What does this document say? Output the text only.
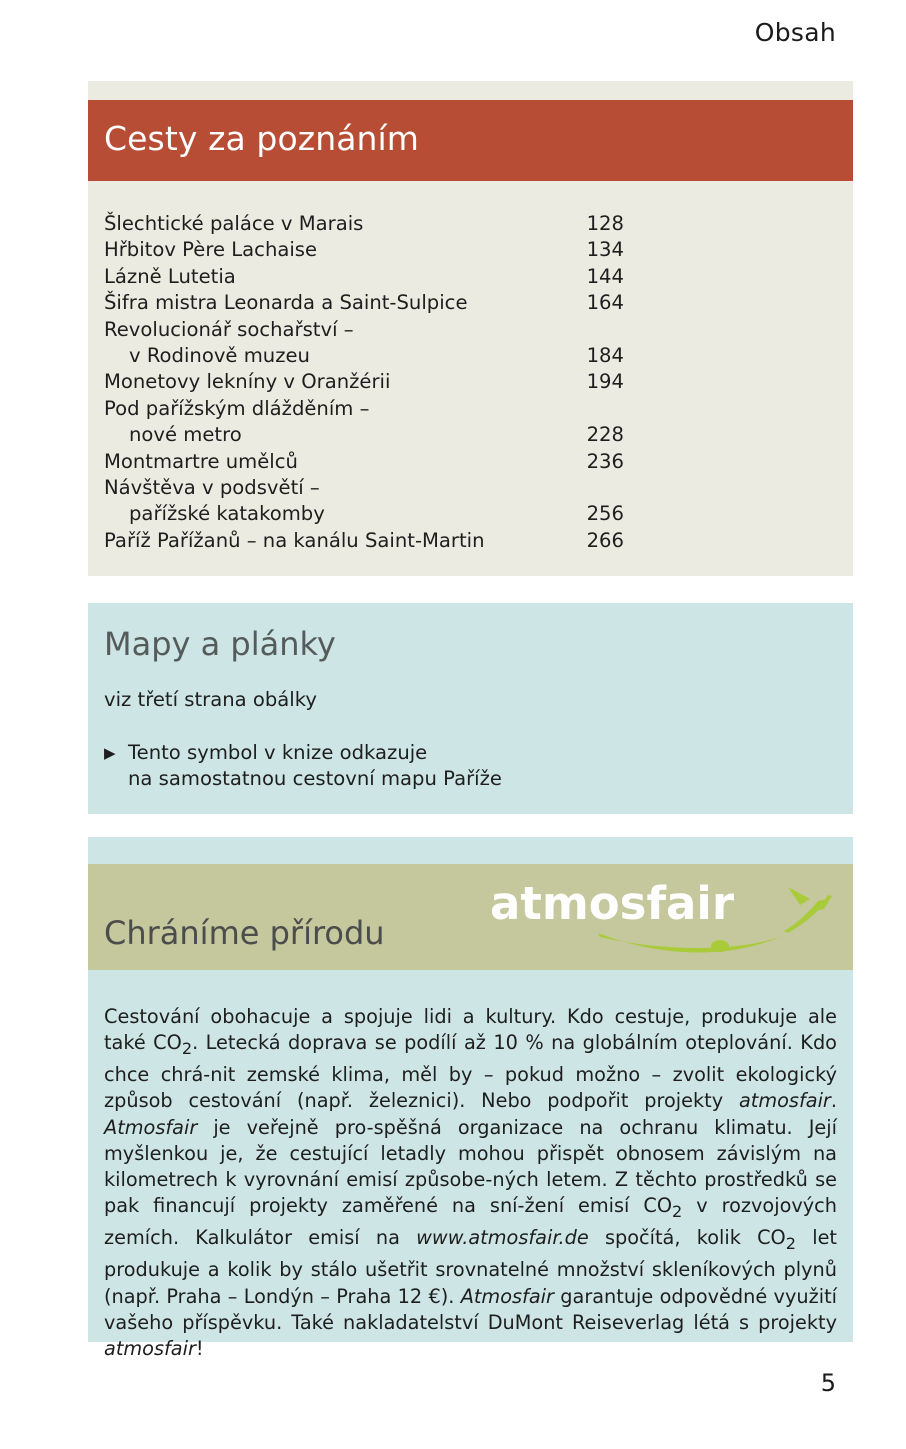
Obsah
Cesty za poznáním
Šlechtické paláce v Marais	128
Hřbitov Père Lachaise	134
Lázně Lutetia	144
Šifra mistra Leonarda a Saint-Sulpice	164
Revolucionář sochařství –
v Rodinově muzeu	184
Monetovy lekníny v Oranžérii	194
Pod pařížským dlážděním –
nové metro	228
Montmartre umělců	236
Návštěva v podsvětí –
pařížské katakomby	256
Paříž Pařížanů – na kanálu Saint-Martin	266
Mapy a plánky
viz třetí strana obálky
▶ Tento symbol v knize odkazuje
na samostatnou cestovní mapu Paříže
atmosfair
Chráníme přírodu

Cestování obohacuje a spojuje lidi a kultury. Kdo cestuje, produkuje ale také $CO_2$. Letecká doprava se podílí až 10 % na globálním oteplování. Kdo chce chrá-nit zemské klima, měl by – pokud možno – zvolit ekologický způsob cestování (např. železnici). Nebo podpořit projekty atmosfair. Atmosfair je veřejně pro-spěšná organizace na ochranu klimatu. Její myšlenkou je, že cestující letadly mohou přispět obnosem závislým na kilometrech k vyrovnání emisí způsobe-ných letem. Z těchto prostředků se pak financují projekty zaměřené na sní-žení emisí $CO_2$ v rozvojových zemích. Kalkulátor emisí na www.atmosfair.de spočítá, kolik $CO_2$ let produkuje a kolik by stálo ušetřit srovnatelné množství skleníkových plynů (např. Praha – Londýn – Praha 12 €). Atmosfair garantuje odpovědné využití vašeho příspěvku. Také nakladatelství DuMont Reiseverlag létá s projekty atmosfair!

5
